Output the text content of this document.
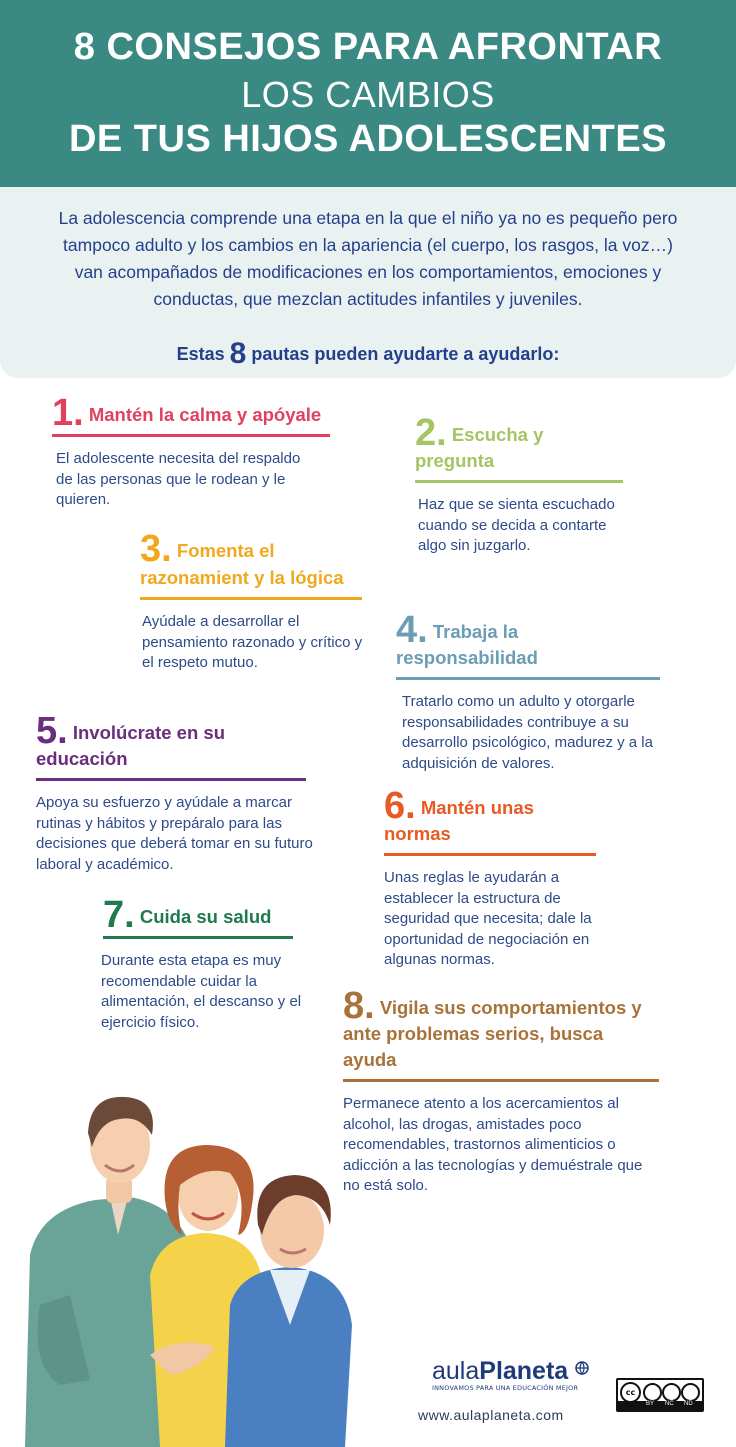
8 CONSEJOS PARA AFRONTAR
LOS CAMBIOS
DE TUS HIJOS ADOLESCENTES
La adolescencia comprende una etapa en la que el niño ya no es pequeño pero tampoco adulto y los cambios en la apariencia (el cuerpo, los rasgos, la voz…) van acompañados de modificaciones en los comportamientos, emociones y conductas, que mezclan actitudes infantiles y juveniles.
Estas 8 pautas pueden ayudarte a ayudarlo:
1. Mantén la calma y apóyale
El adolescente necesita del respaldo de las personas que le rodean y le quieren.
2. Escucha y pregunta
Haz que se sienta escuchado cuando se decida a contarte algo sin juzgarlo.
3. Fomenta el razonamient y la lógica
Ayúdale a desarrollar el pensamiento razonado y crítico y el respeto mutuo.
4. Trabaja la responsabilidad
Tratarlo como un adulto y otorgarle responsabilidades contribuye a su desarrollo psicológico, madurez y a la adquisición de valores.
5. Involúcrate en su educación
Apoya su esfuerzo y ayúdale a marcar rutinas y hábitos y prepáralo para las decisiones que deberá tomar en su futuro laboral y académico.
6. Mantén unas normas
Unas reglas le ayudarán a establecer la estructura de seguridad que necesita; dale la oportunidad de negociación en algunas normas.
7. Cuida su salud
Durante esta etapa es muy recomendable cuidar la alimentación, el descanso y el ejercicio físico.	8. Vigila sus comportamientos y ante problemas serios, busca ayuda
Permanece atento a los acercamientos al alcohol, las drogas, amistades poco recomendables, trastornos alimenticios o adicción a las tecnologías y demuéstrale que no está solo.
aulaPlaneta
INNOVAMOS PARA UNA EDUCACIÓN MEJOR
www.aulaplaneta.com
cc
BY NC ND
